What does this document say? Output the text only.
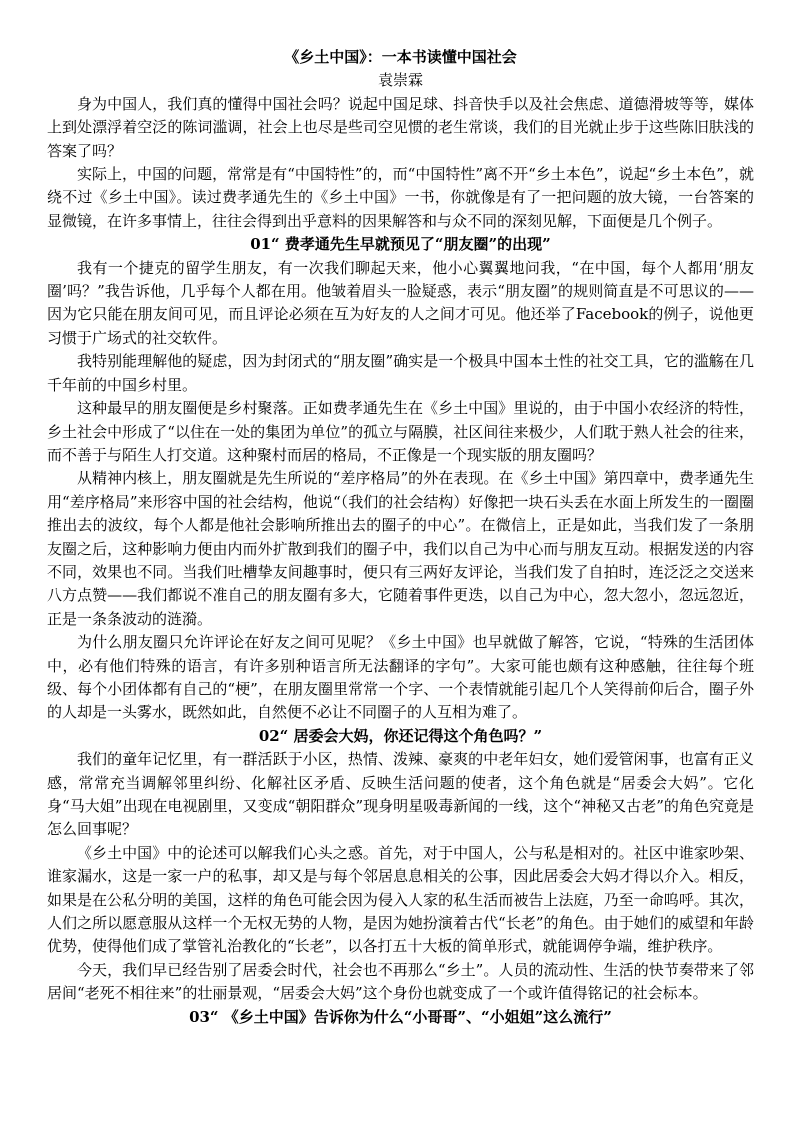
《乡土中国》：一本书读懂中国社会
袁崇霖

身为中国人，我们真的懂得中国社会吗？说起中国足球、抖音快手以及社会焦虑、道德滑坡等等，媒体上到处漂浮着空泛的陈词滥调，社会上也尽是些司空见惯的老生常谈，我们的目光就止步于这些陈旧肤浅的答案了吗？

实际上，中国的问题，常常是有“中国特性”的，而“中国特性”离不开“乡土本色”，说起“乡土本色”，就绕不过《乡土中国》。读过费孝通先生的《乡土中国》一书，你就像是有了一把问题的放大镜，一台答案的显微镜，在许多事情上，往往会得到出乎意料的因果解答和与众不同的深刻见解，下面便是几个例子。

01“ 费孝通先生早就预见了“朋友圈”的出现”

我有一个捷克的留学生朋友，有一次我们聊起天来，他小心翼翼地问我，“在中国，每个人都用‘朋友圈’吗？”我告诉他，几乎每个人都在用。他皱着眉头一脸疑惑，表示“朋友圈”的规则简直是不可思议的——因为它只能在朋友间可见，而且评论必须在互为好友的人之间才可见。他还举了Facebook的例子，说他更习惯于广场式的社交软件。

我特别能理解他的疑虑，因为封闭式的“朋友圈”确实是一个极具中国本土性的社交工具，它的滥觞在几千年前的中国乡村里。

这种最早的朋友圈便是乡村聚落。正如费孝通先生在《乡土中国》里说的，由于中国小农经济的特性，乡土社会中形成了“以住在一处的集团为单位”的孤立与隔膜，社区间往来极少，人们耽于熟人社会的往来，而不善于与陌生人打交道。这种聚村而居的格局，不正像是一个现实版的朋友圈吗？

从精神内核上，朋友圈就是先生所说的“差序格局”的外在表现。在《乡土中国》第四章中，费孝通先生用“差序格局”来形容中国的社会结构，他说“（我们的社会结构）好像把一块石头丢在水面上所发生的一圈圈推出去的波纹，每个人都是他社会影响所推出去的圈子的中心”。在微信上，正是如此，当我们发了一条朋友圈之后，这种影响力便由内而外扩散到我们的圈子中，我们以自己为中心而与朋友互动。根据发送的内容不同，效果也不同。当我们吐槽挚友间趣事时，便只有三两好友评论，当我们发了自拍时，连泛泛之交送来八方点赞——我们都说不准自己的朋友圈有多大，它随着事件更迭，以自己为中心，忽大忽小，忽远忽近，正是一条条波动的涟漪。

为什么朋友圈只允许评论在好友之间可见呢？《乡土中国》也早就做了解答，它说，“特殊的生活团体中，必有他们特殊的语言，有许多别种语言所无法翻译的字句”。大家可能也颇有这种感触，往往每个班级、每个小团体都有自己的“梗”，在朋友圈里常常一个字、一个表情就能引起几个人笑得前仰后合，圈子外的人却是一头雾水，既然如此，自然便不必让不同圈子的人互相为难了。

02“ 居委会大妈，你还记得这个角色吗？”

我们的童年记忆里，有一群活跃于小区，热情、泼辣、豪爽的中老年妇女，她们爱管闲事，也富有正义感，常常充当调解邻里纠纷、化解社区矛盾、反映生活问题的使者，这个角色就是“居委会大妈”。它化身“马大姐”出现在电视剧里，又变成“朝阳群众”现身明星吸毒新闻的一线，这个“神秘又古老”的角色究竟是怎么回事呢？

《乡土中国》中的论述可以解我们心头之惑。首先，对于中国人，公与私是相对的。社区中谁家吵架、谁家漏水，这是一家一户的私事，却又是与每个邻居息息相关的公事，因此居委会大妈才得以介入。相反，如果是在公私分明的美国，这样的角色可能会因为侵入人家的私生活而被告上法庭，乃至一命呜呼。其次，人们之所以愿意服从这样一个无权无势的人物，是因为她扮演着古代“长老”的角色。由于她们的威望和年龄优势，使得他们成了掌管礼治教化的“长老”，以各打五十大板的简单形式，就能调停争端，维护秩序。

今天，我们早已经告别了居委会时代，社会也不再那么“乡土”。人员的流动性、生活的快节奏带来了邻居间“老死不相往来”的壮丽景观，“居委会大妈”这个身份也就变成了一个或许值得铭记的社会标本。

03“ 《乡土中国》告诉你为什么“小哥哥”、“小姐姐”这么流行”
